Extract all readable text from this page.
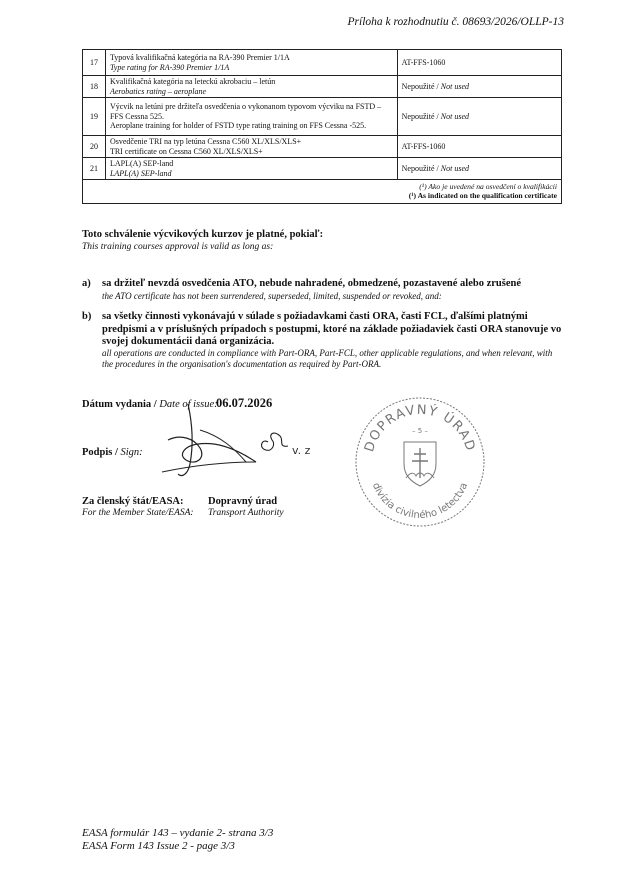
Príloha k rozhodnutiu č. 08693/2026/OLLP-13
17	Typová kvalifikačná kategória na RA-390 Premier 1/1A
Type rating for RA-390 Premier 1/1A	AT-FFS-1060
18	Kvalifikačná kategória na leteckú akrobaciu – letún
Aerobatics rating – aeroplane	Nepoužité / Not used
19	Výcvik na letúni pre držiteľa osvedčenia o vykonanom typovom výcviku na FSTD – FFS Cessna 525.
Aeroplane training for holder of FSTD type rating training on FFS Cessna -525.	Nepoužité / Not used
20	Osvedčenie TRI na typ letúna Cessna C560 XL/XLS/XLS+
TRI certificate on Cessna C560 XL/XLS/XLS+	AT-FFS-1060
21	LAPL(A) SEP-land
LAPL(A) SEP-land	Nepoužité / Not used

(¹) Ako je uvedené na osvedčení o kvalifikácii
(¹) As indicated on the qualification certificate		
Toto schválenie výcvikových kurzov je platné, pokiaľ:
This training courses approval is valid as long as:
a) sa držiteľ nevzdá osvedčenia ATO, nebude nahradené, obmedzené, pozastavené alebo zrušené
the ATO certificate has not been surrendered, superseded, limited, suspended or revoked, and:
b) sa všetky činnosti vykonávajú v súlade s požiadavkami časti ORA, časti FCL, ďalšími platnými predpismi a v príslušných prípadoch s postupmi, ktoré na základe požiadaviek časti ORA stanovuje vo svojej dokumentácii daná organizácia.
all operations are conducted in compliance with Part-ORA, Part-FCL, other applicable regulations, and when relevant, with the procedures in the organisation's documentation as required by Part-ORA.
Dátum vydania / Date of issue:
06.07.2026
Podpis / Sign:	v. z
Za členský štát/EASA:
For the Member State/EASA:
Dopravný úrad
Transport Authority
DOPRAVNÝ ÚRAD
divízia civilného letectva
– 5 –
EASA formulár 143 – vydanie 2- strana 3/3
EASA Form 143 Issue 2 - page 3/3
